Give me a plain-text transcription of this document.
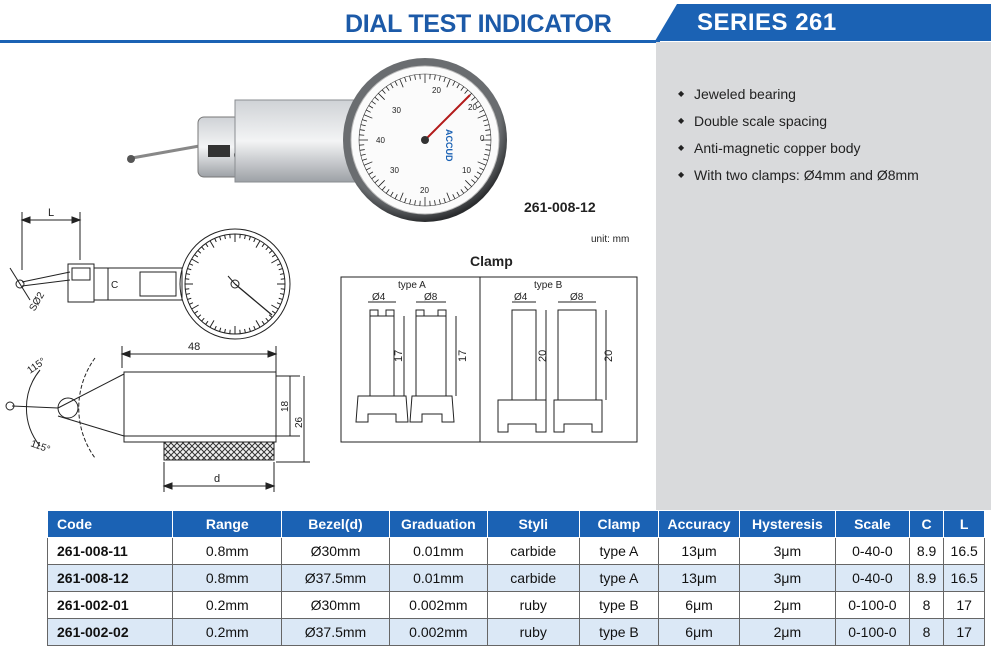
DIAL TEST INDICATOR	SERIES 261
◆ Jeweled bearing
◆ Double scale spacing
◆ Anti-magnetic copper body
◆ With two clamps: Ø4mm and Ø8mm
0
20
20
30
40
30
20
10
ACCUD
261-008-12
unit: mm
L
C
SØ2
48
18
26
d
115°
115°
Clamp
type A
Ø4	Ø8
17	17
type B
Ø4	Ø8
20	20
Code	Range	Bezel(d)	Graduation	Styli	Clamp	Accuracy	Hysteresis	Scale	C	L
261-008-11	0.8mm	Ø30mm	0.01mm	carbide	type A	13μm	3μm	0-40-0	8.9	16.5
261-008-12	0.8mm	Ø37.5mm	0.01mm	carbide	type A	13μm	3μm	0-40-0	8.9	16.5
261-002-01	0.2mm	Ø30mm	0.002mm	ruby	type B	6μm	2μm	0-100-0	8	17
261-002-02	0.2mm	Ø37.5mm	0.002mm	ruby	type B	6μm	2μm	0-100-0	8	17
